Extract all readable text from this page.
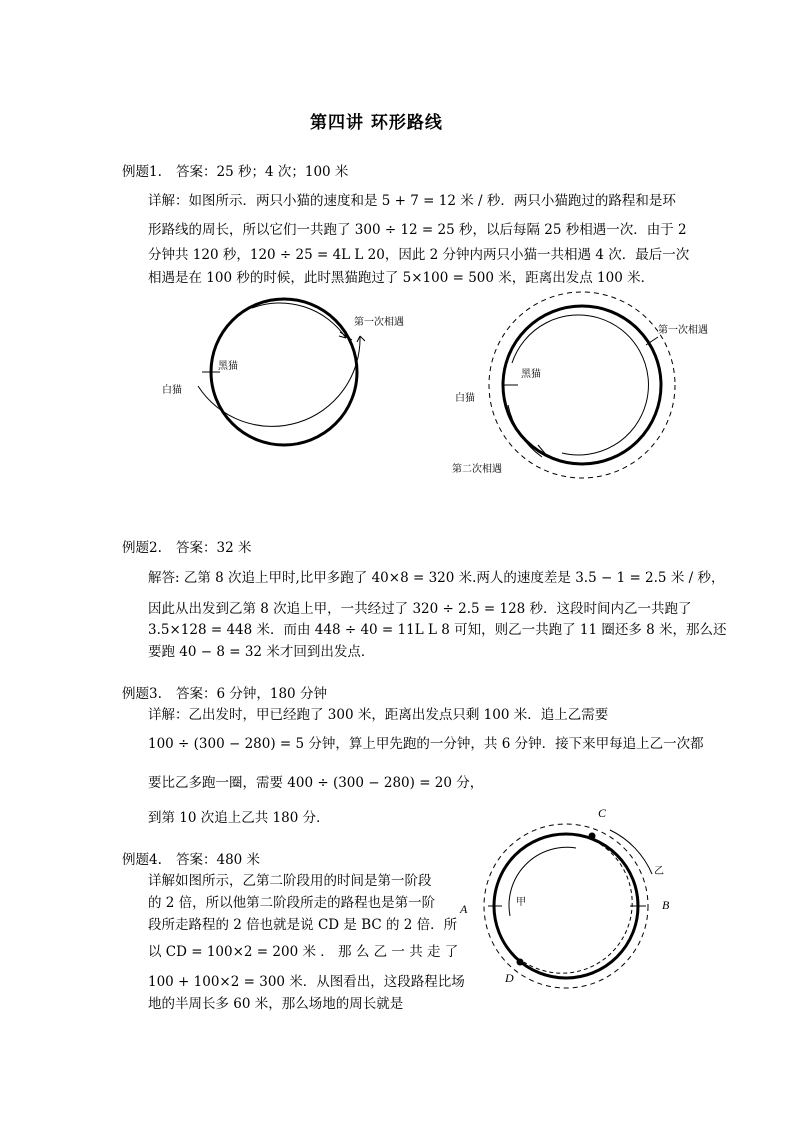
第四讲 环形路线
例题1. 答案：25 秒；4 次；100 米
详解：如图所示．两只小猫的速度和是 5 + 7 = 12 米 / 秒．两只小猫跑过的路程和是环
形路线的周长，所以它们一共跑了 300 ÷ 12 = 25 秒，以后每隔 25 秒相遇一次．由于 2
分钟共 120 秒，120 ÷ 25 = 4L L 20，因此 2 分钟内两只小猫一共相遇 4 次．最后一次
相遇是在 100 秒的时候，此时黑猫跑过了 5×100 = 500 米，距离出发点 100 米．
第一次相遇
黑猫
白猫
第一次相遇
黑猫
白猫
第二次相遇
例题2. 答案：32 米
解答: 乙第 8 次追上甲时,比甲多跑了 40×8 = 320 米.两人的速度差是 3.5 − 1 = 2.5 米 / 秒，
因此从出发到乙第 8 次追上甲，一共经过了 320 ÷ 2.5 = 128 秒．这段时间内乙一共跑了
3.5×128 = 448 米．而由 448 ÷ 40 = 11L L 8 可知，则乙一共跑了 11 圈还多 8 米，那么还
要跑 40 − 8 = 32 米才回到出发点．
例题3. 答案：6 分钟，180 分钟
详解：乙出发时，甲已经跑了 300 米，距离出发点只剩 100 米．追上乙需要
100 ÷ (300 − 280) = 5 分钟，算上甲先跑的一分钟，共 6 分钟．接下来甲每追上乙一次都
要比乙多跑一圈，需要 400 ÷ (300 − 280) = 20 分，
到第 10 次追上乙共 180 分．
例题4. 答案：480 米
详解如图所示，乙第二阶段用的时间是第一阶段
的 2 倍，所以他第二阶段所走的路程也是第一阶
段所走路程的 2 倍也就是说 CD 是 BC 的 2 倍．所
以 CD = 100×2 = 200 米 ． 那 么 乙 一 共 走 了
100 + 100×2 = 300 米．从图看出，这段路程比场
地的半周长多 60 米，那么场地的周长就是
C
A	B
D
甲
乙
